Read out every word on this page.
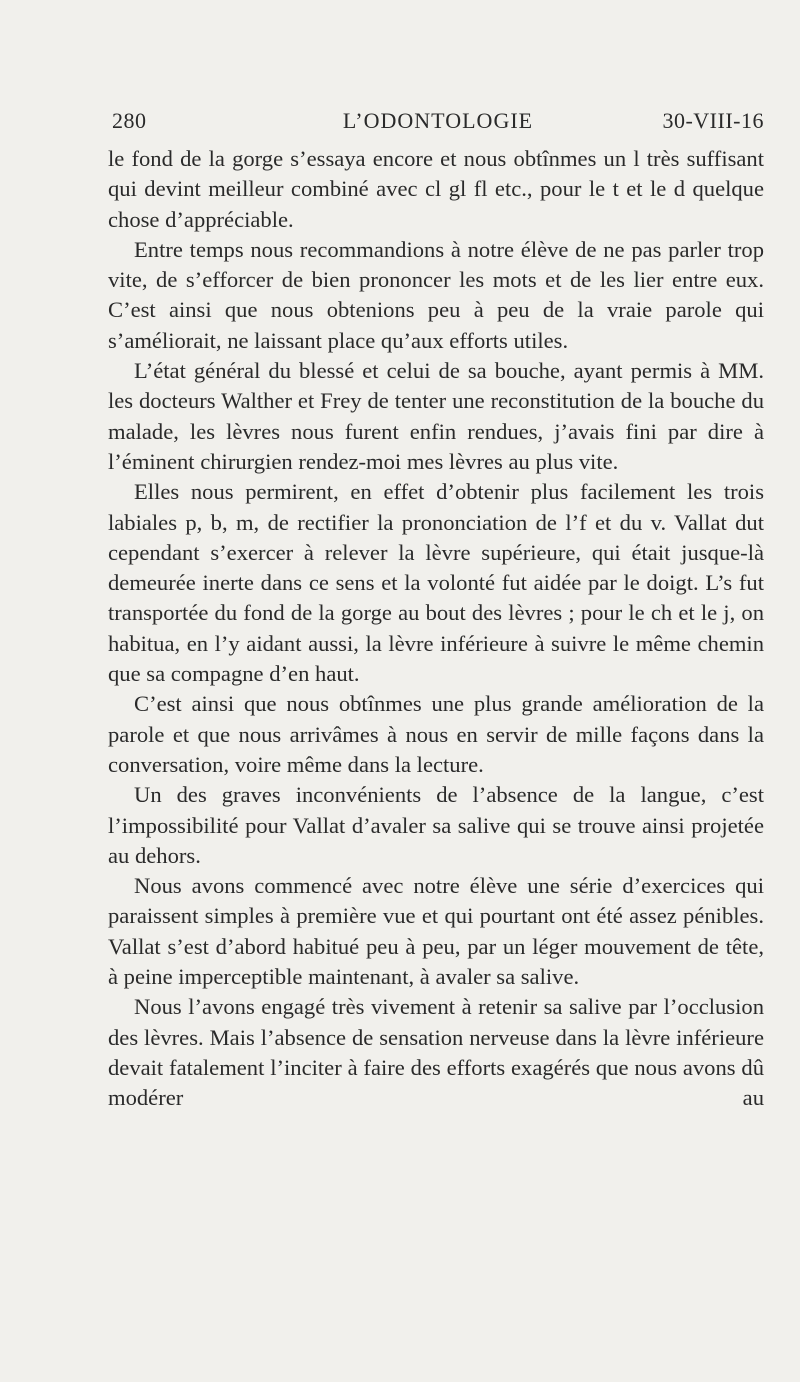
280	L’ODONTOLOGIE	30-VIII-16

le fond de la gorge s’essaya encore et nous obtînmes un l très suffisant qui devint meilleur combiné avec cl gl fl etc., pour le t et le d quelque chose d’appréciable.

Entre temps nous recommandions à notre élève de ne pas parler trop vite, de s’efforcer de bien prononcer les mots et de les lier entre eux. C’est ainsi que nous obtenions peu à peu de la vraie parole qui s’améliorait, ne laissant place qu’aux efforts utiles.

L’état général du blessé et celui de sa bouche, ayant permis à MM. les docteurs Walther et Frey de tenter une reconstitution de la bouche du malade, les lèvres nous furent enfin rendues, j’avais fini par dire à l’éminent chirurgien rendez-moi mes lèvres au plus vite.

Elles nous permirent, en effet d’obtenir plus facilement les trois labiales p, b, m, de rectifier la prononciation de l’f et du v. Vallat dut cependant s’exercer à relever la lèvre supérieure, qui était jusque-là demeurée inerte dans ce sens et la volonté fut aidée par le doigt. L’s fut transportée du fond de la gorge au bout des lèvres ; pour le ch et le j, on habitua, en l’y aidant aussi, la lèvre inférieure à suivre le même chemin que sa compagne d’en haut.

C’est ainsi que nous obtînmes une plus grande amélioration de la parole et que nous arrivâmes à nous en servir de mille façons dans la conversation, voire même dans la lecture.

Un des graves inconvénients de l’absence de la langue, c’est l’impossibilité pour Vallat d’avaler sa salive qui se trouve ainsi projetée au dehors.

Nous avons commencé avec notre élève une série d’exercices qui paraissent simples à première vue et qui pourtant ont été assez pénibles. Vallat s’est d’abord habitué peu à peu, par un léger mouvement de tête, à peine imperceptible maintenant, à avaler sa salive.

Nous l’avons engagé très vivement à retenir sa salive par l’occlusion des lèvres. Mais l’absence de sensation nerveuse dans la lèvre inférieure devait fatalement l’inciter à faire des efforts exagérés que nous avons dû modérer au
